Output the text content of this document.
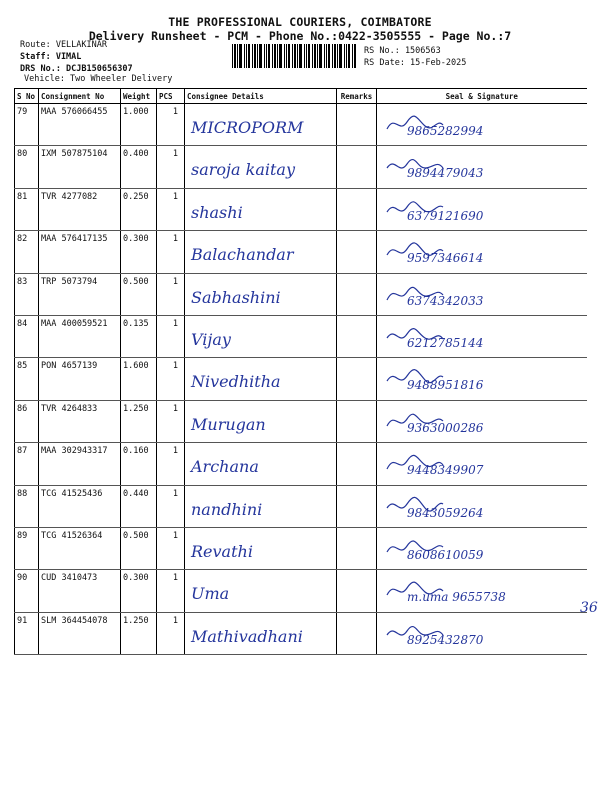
THE PROFESSIONAL COURIERS, COIMBATORE
Delivery Runsheet - PCM - Phone No.:0422-3505555 - Page No.:7
Route: VELLAKINAR
Staff: VIMAL
DRS No.: DCJB150656307
Vehicle: Two Wheeler Delivery
RS No.: 1506563
RS Date: 15-Feb-2025
S No	Consignment No	Weight	PCS	Consignee Details	Remarks	Seal & Signature

79	MAA 576066455	1.000	1	MICROPORM		9865282994

80	IXM 507875104	0.400	1	saroja kaitay		9894479043

81	TVR 4277082	0.250	1	shashi		6379121690

82	MAA 576417135	0.300	1	Balachandar		9597346614

83	TRP 5073794	0.500	1	Sabhashini		6374342033

84	MAA 400059521	0.135	1	Vijay		6212785144

85	PON 4657139	1.600	1	Nivedhitha		9488951816

86	TVR 4264833	1.250	1	Murugan		9363000286

87	MAA 302943317	0.160	1	Archana		9448349907

88	TCG 41525436	0.440	1	nandhini		9843059264

89	TCG 41526364	0.500	1	Revathi		8608610059

90	CUD 3410473	0.300	1	Uma		m.uma 9655738

91	SLM 364454078	1.250	1	Mathivadhani		8925432870
36
